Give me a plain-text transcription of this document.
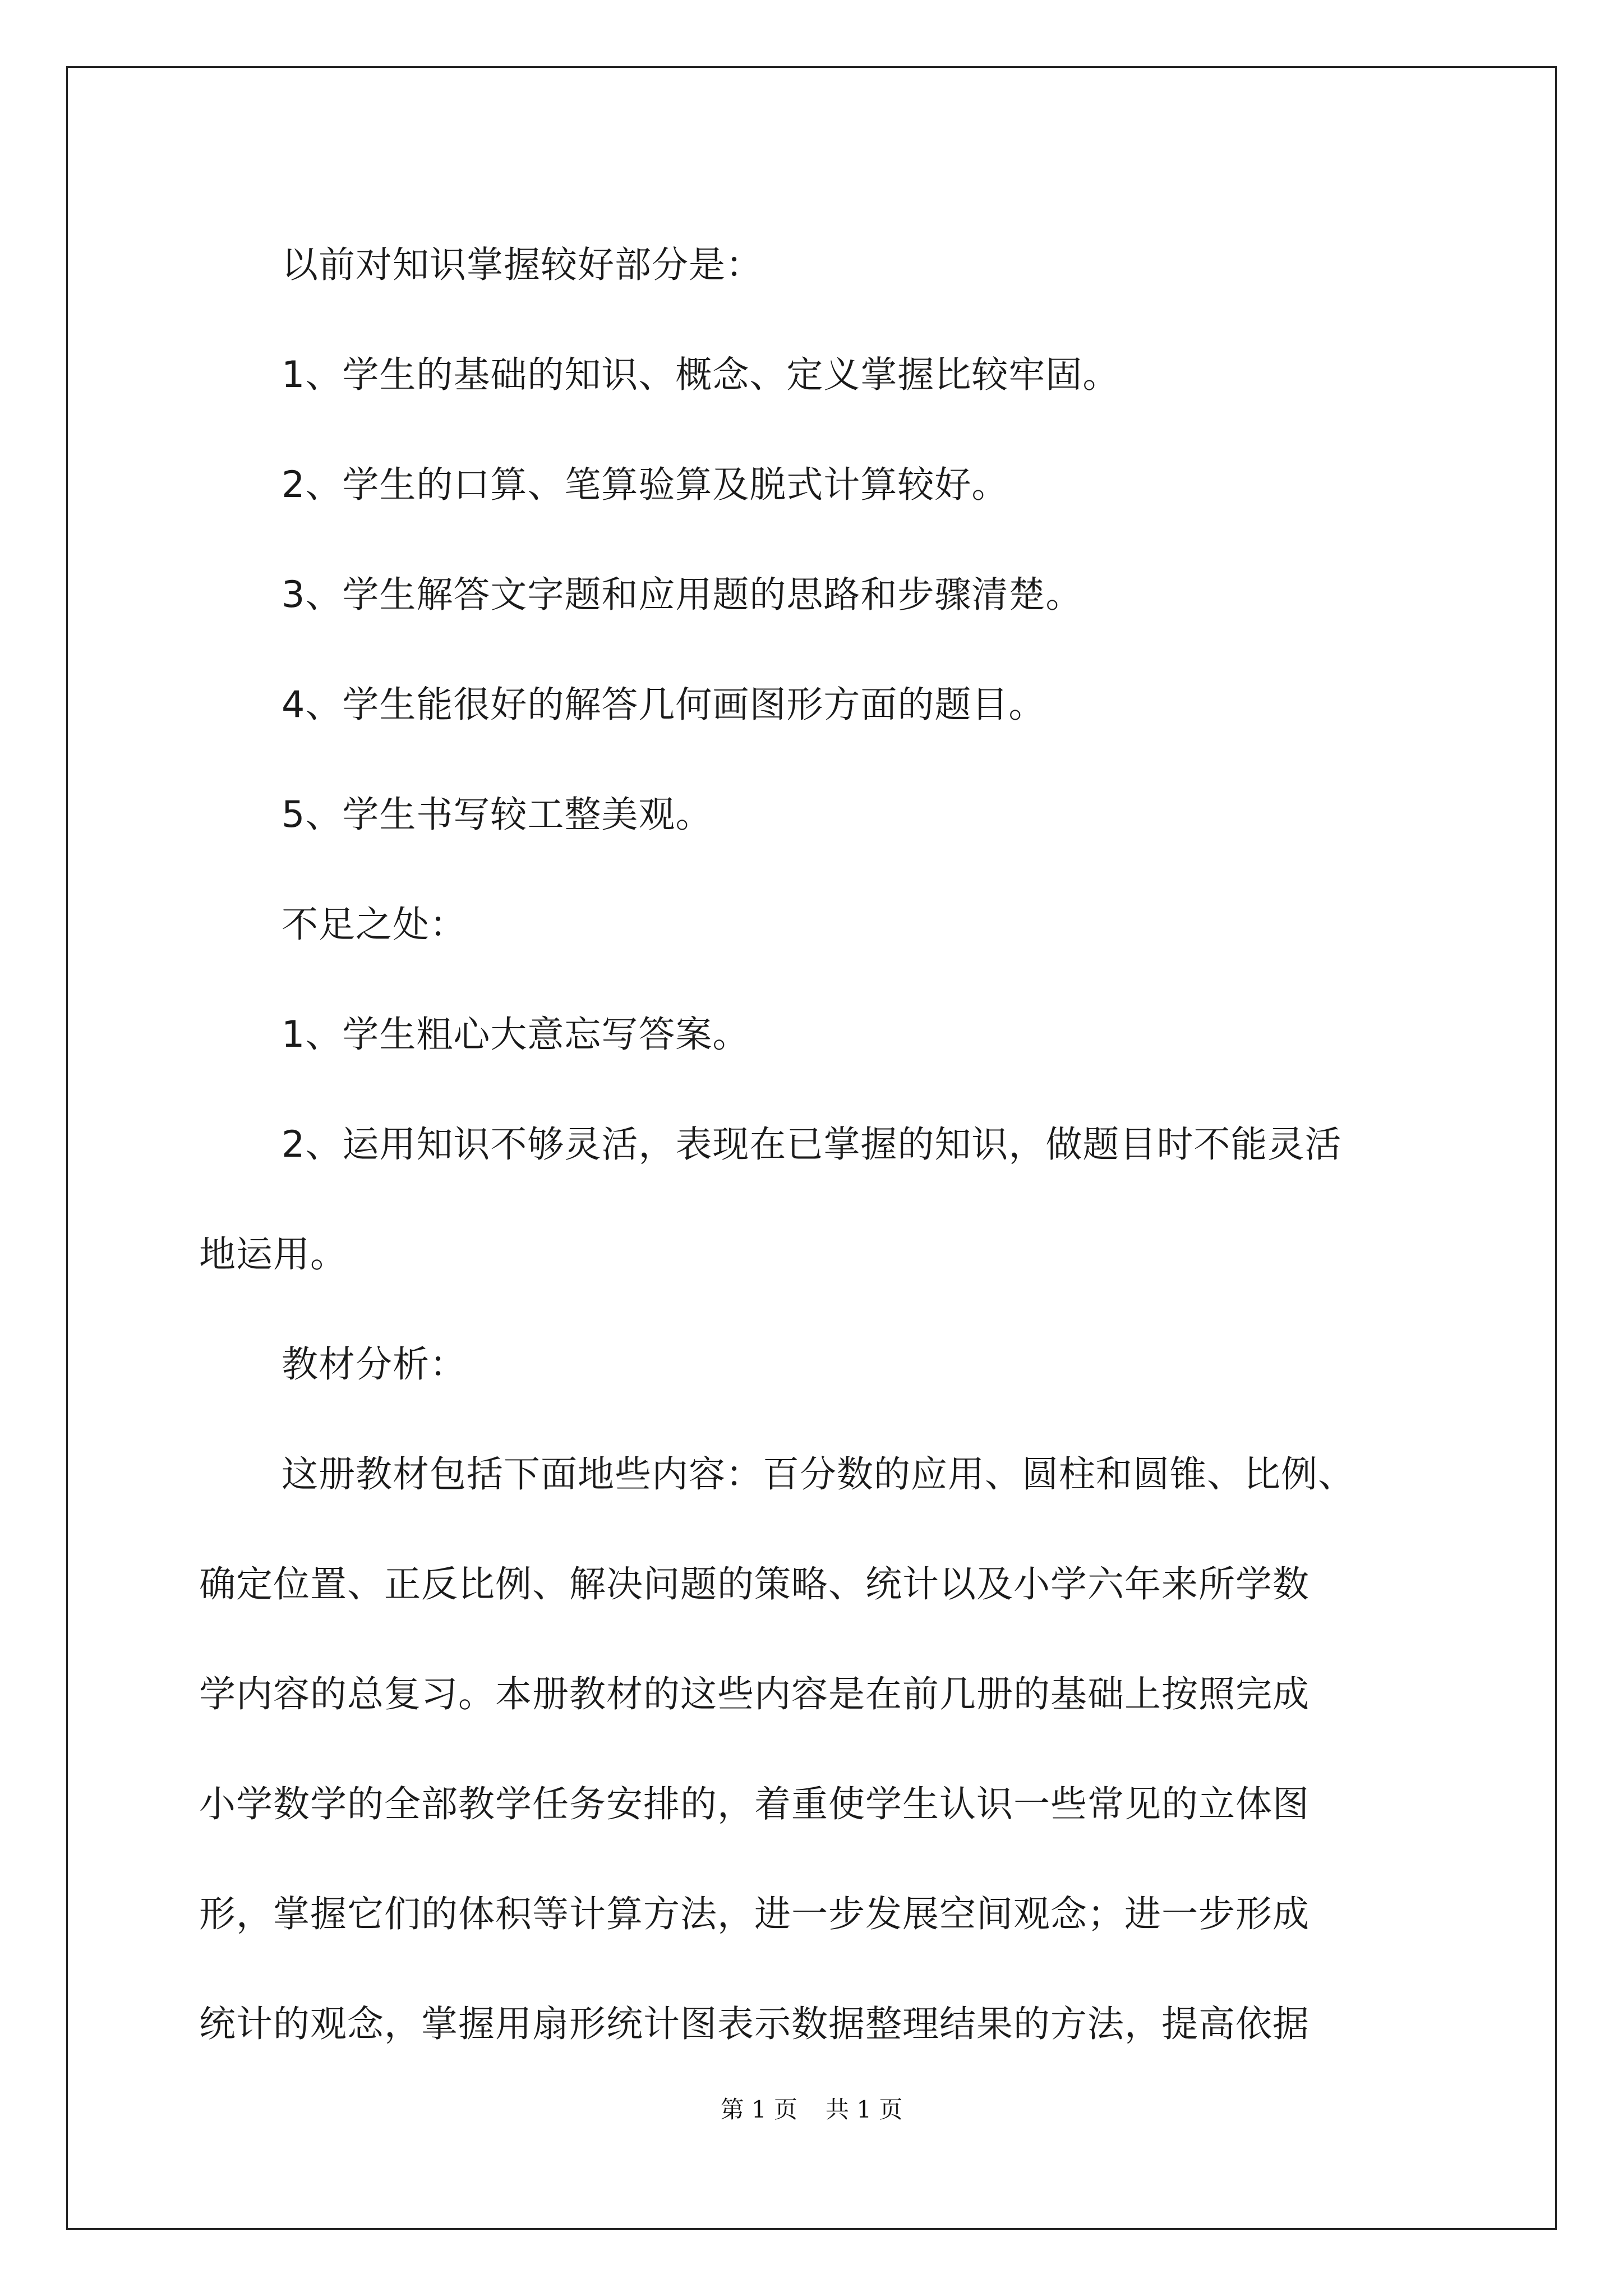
以前对知识掌握较好部分是：

1、学生的基础的知识、概念、定义掌握比较牢固。

2、学生的口算、笔算验算及脱式计算较好。

3、学生解答文字题和应用题的思路和步骤清楚。

4、学生能很好的解答几何画图形方面的题目。

5、学生书写较工整美观。

不足之处：

1、学生粗心大意忘写答案。

2、运用知识不够灵活，表现在已掌握的知识，做题目时不能灵活

地运用。

教材分析：

这册教材包括下面地些内容：百分数的应用、圆柱和圆锥、比例、

确定位置、正反比例、解决问题的策略、统计以及小学六年来所学数

学内容的总复习。本册教材的这些内容是在前几册的基础上按照完成

小学数学的全部教学任务安排的，着重使学生认识一些常见的立体图

形，掌握它们的体积等计算方法，进一步发展空间观念；进一步形成

统计的观念，掌握用扇形统计图表示数据整理结果的方法，提高依据

第 1 页 共 1 页
